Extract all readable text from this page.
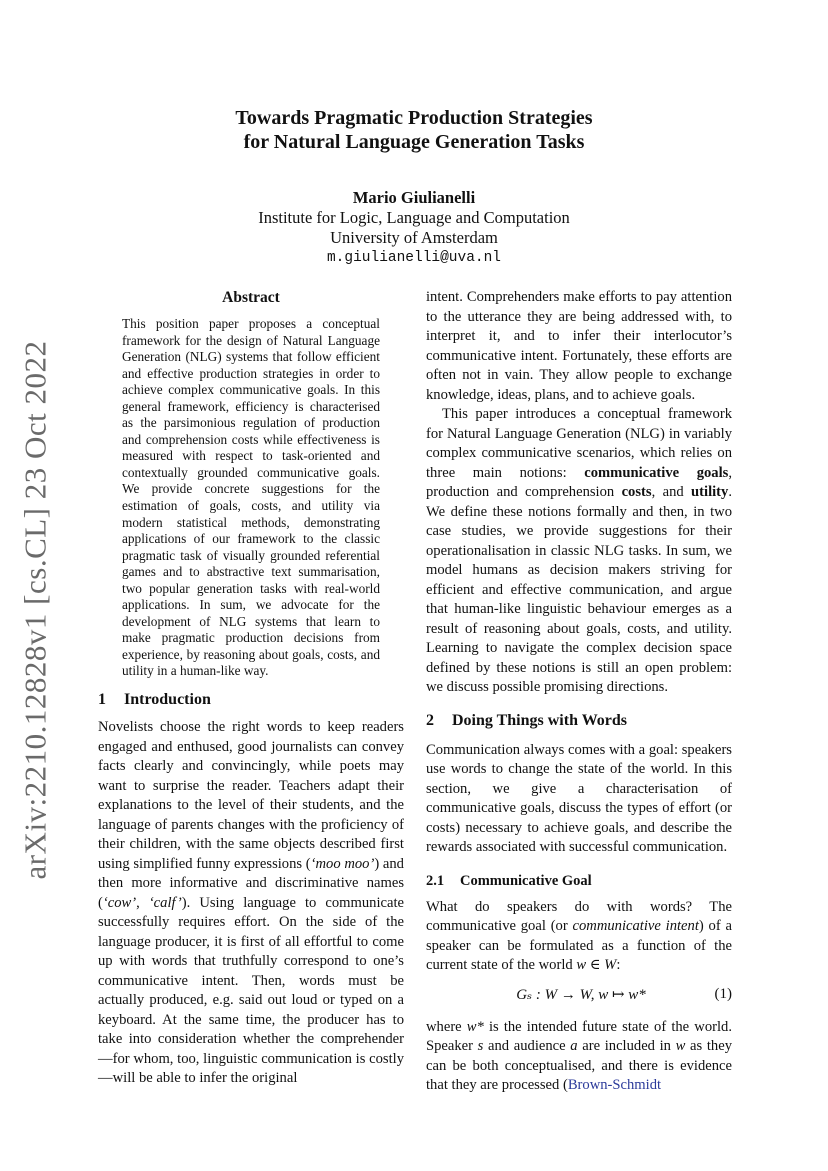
arXiv:2210.12828v1 [cs.CL] 23 Oct 2022
Towards Pragmatic Production Strategies
for Natural Language Generation Tasks
Mario Giulianelli
Institute for Logic, Language and Computation
University of Amsterdam
m.giulianelli@uva.nl
Abstract

This position paper proposes a conceptual framework for the design of Natural Language Generation (NLG) systems that follow efficient and effective production strategies in order to achieve complex communicative goals. In this general framework, efficiency is characterised as the parsimonious regulation of production and comprehension costs while effectiveness is measured with respect to task-oriented and contextually grounded communicative goals. We provide concrete suggestions for the estimation of goals, costs, and utility via modern statistical methods, demonstrating applications of our framework to the classic pragmatic task of visually grounded referential games and to abstractive text summarisation, two popular generation tasks with real-world applications. In sum, we advocate for the development of NLG systems that learn to make pragmatic production decisions from experience, by reasoning about goals, costs, and utility in a human-like way.

1 Introduction

Novelists choose the right words to keep readers engaged and enthused, good journalists can convey facts clearly and convincingly, while poets may want to surprise the reader. Teachers adapt their explanations to the level of their students, and the language of parents changes with the proficiency of their children, with the same objects described first using simplified funny expressions (‘moo moo’) and then more informative and discriminative names (‘cow’, ‘calf’). Using language to communicate successfully requires effort. On the side of the language producer, it is first of all effortful to come up with words that truthfully correspond to one’s communicative intent. Then, words must be actually produced, e.g. said out loud or typed on a keyboard. At the same time, the producer has to take into consideration whether the comprehender—for whom, too, linguistic communication is costly—will be able to infer the original

intent. Comprehenders make efforts to pay attention to the utterance they are being addressed with, to interpret it, and to infer their interlocutor’s communicative intent. Fortunately, these efforts are often not in vain. They allow people to exchange knowledge, ideas, plans, and to achieve goals.

This paper introduces a conceptual framework for Natural Language Generation (NLG) in variably complex communicative scenarios, which relies on three main notions: communicative goals, production and comprehension costs, and utility. We define these notions formally and then, in two case studies, we provide suggestions for their operationalisation in classic NLG tasks. In sum, we model humans as decision makers striving for efficient and effective communication, and argue that human-like linguistic behaviour emerges as a result of reasoning about goals, costs, and utility. Learning to navigate the complex decision space defined by these notions is still an open problem: we discuss possible promising directions.

2 Doing Things with Words

Communication always comes with a goal: speakers use words to change the state of the world. In this section, we give a characterisation of communicative goals, discuss the types of effort (or costs) necessary to achieve goals, and describe the rewards associated with successful communication.

2.1 Communicative Goal

What do speakers do with words? The communicative goal (or communicative intent) of a speaker can be formulated as a function of the current state of the world w ∈ W:

Gₛ : W → W, w ↦ w*	(1)

where w* is the intended future state of the world. Speaker s and audience a are included in w as they can be both conceptualised, and there is evidence that they are processed (Brown-Schmidt
